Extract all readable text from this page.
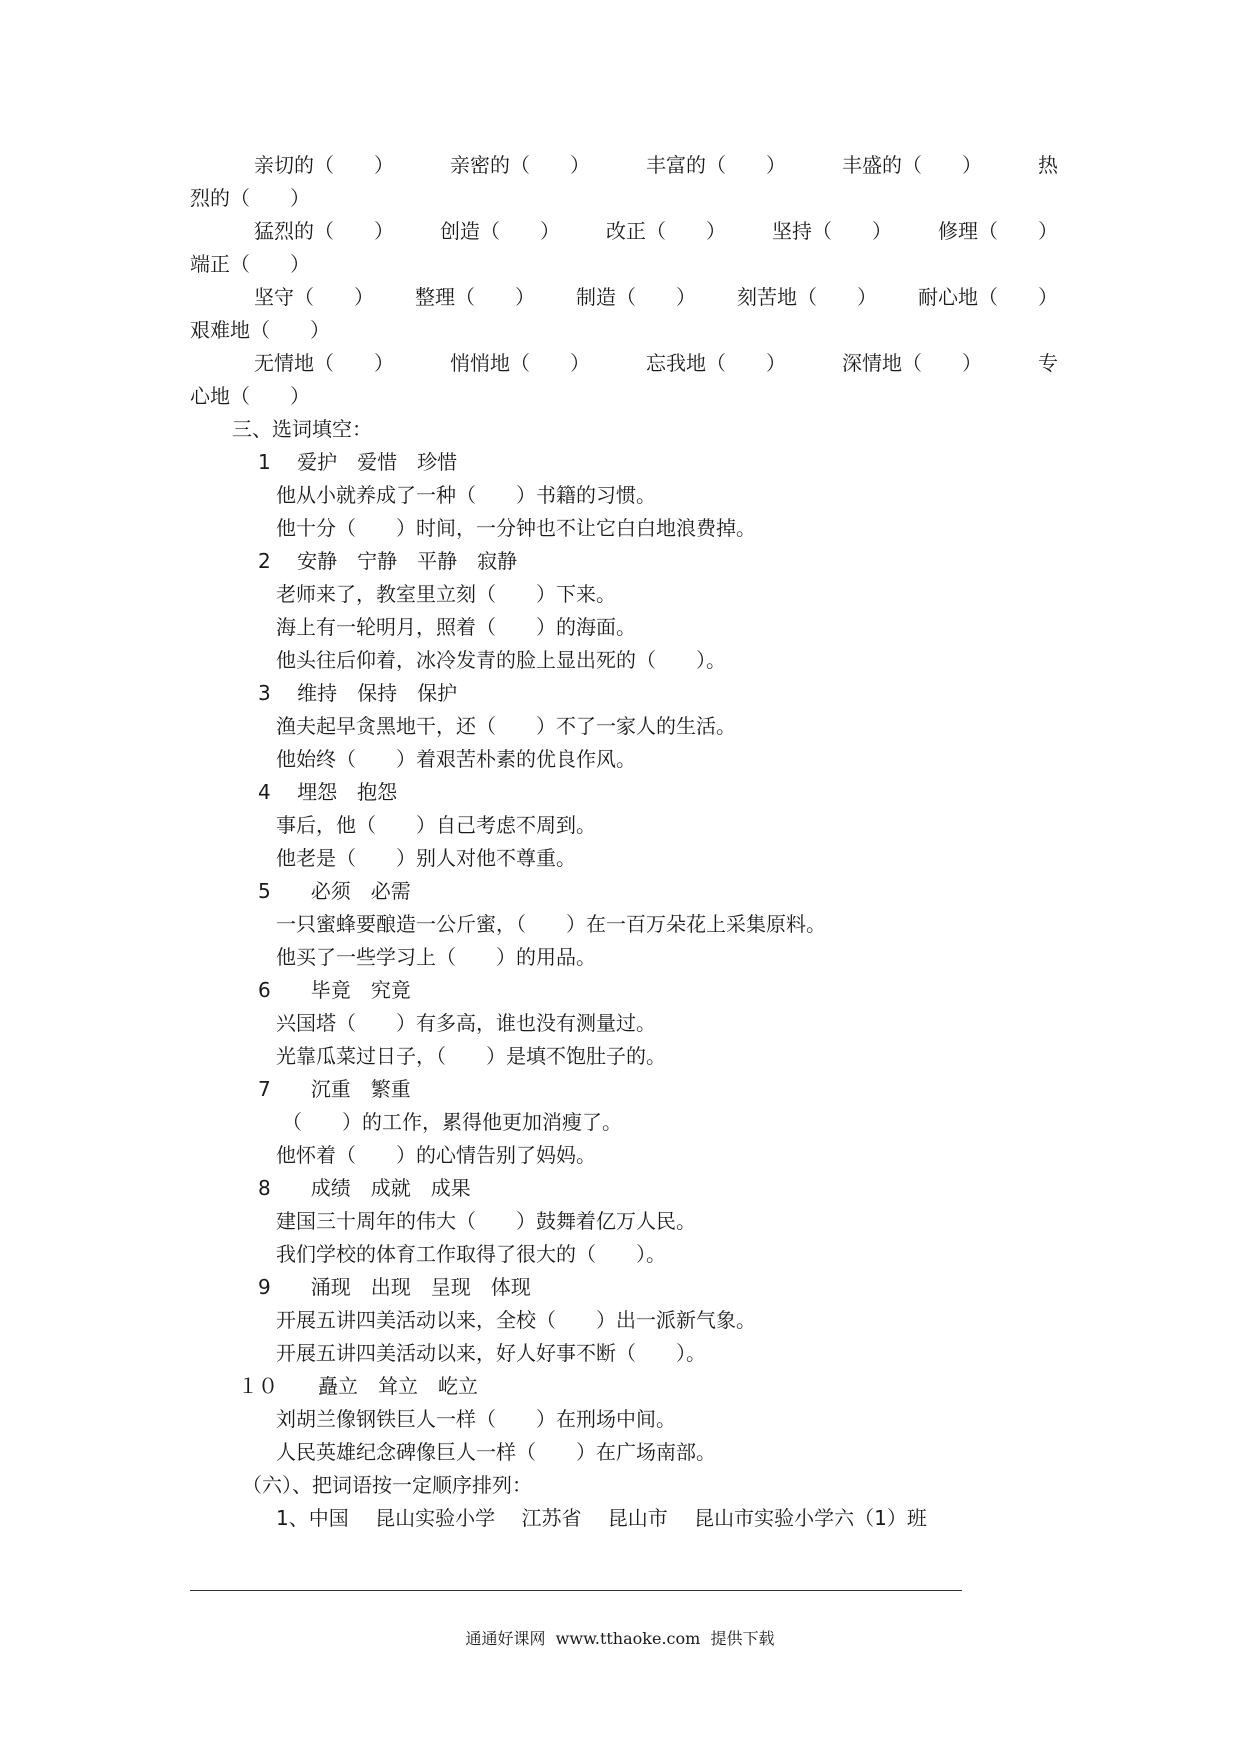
亲切的（　　）	亲密的（　　）	丰富的（　　）	丰盛的（　　）	热
烈的（　　）
猛烈的（　　） 创造（　　） 改正（　　） 坚持（　　） 修理（　　）
端正（　　）
坚守（　　） 整理（　　） 制造（　　） 刻苦地（　　） 耐心地（　　）
艰难地（　　）
无情地（　　）	悄悄地（　　）	忘我地（　　）	深情地（　　）	专
心地（　　）
三、选词填空：
1　 爱护　爱惜　珍惜
他从小就养成了一种（　　）书籍的习惯。
他十分（　　）时间，一分钟也不让它白白地浪费掉。
2　 安静　宁静　平静　寂静
老师来了，教室里立刻（　　）下来。
海上有一轮明月，照着（　　）的海面。
他头往后仰着，冰冷发青的脸上显出死的（　　）。
3　 维持　保持　保护
渔夫起早贪黑地干，还（　　）不了一家人的生活。
他始终（　　）着艰苦朴素的优良作风。
4　 埋怨　抱怨
事后，他（　　）自己考虑不周到。
他老是（　　）别人对他不尊重。
5　　必须　必需
一只蜜蜂要酿造一公斤蜜，（　　）在一百万朵花上采集原料。
他买了一些学习上（　　）的用品。
6　　毕竟　究竟
兴国塔（　　）有多高，谁也没有测量过。
光靠瓜菜过日子，（　　）是填不饱肚子的。
7　　沉重　繁重
（　　）的工作，累得他更加消瘦了。
他怀着（　　）的心情告别了妈妈。
8　　成绩　成就　成果
建国三十周年的伟大（　　）鼓舞着亿万人民。
我们学校的体育工作取得了很大的（　　）。
9　　涌现　出现　呈现　体现
开展五讲四美活动以来，全校（　　）出一派新气象。
开展五讲四美活动以来，好人好事不断（　　）。
１０　　矗立　耸立　屹立
刘胡兰像钢铁巨人一样（　　）在刑场中间。
人民英雄纪念碑像巨人一样（　　）在广场南部。
（六）、把词语按一定顺序排列：
1、中国　 昆山实验小学　 江苏省　 昆山市　 昆山市实验小学六（1）班
通通好课网  www.tthaoke.com  提供下载
